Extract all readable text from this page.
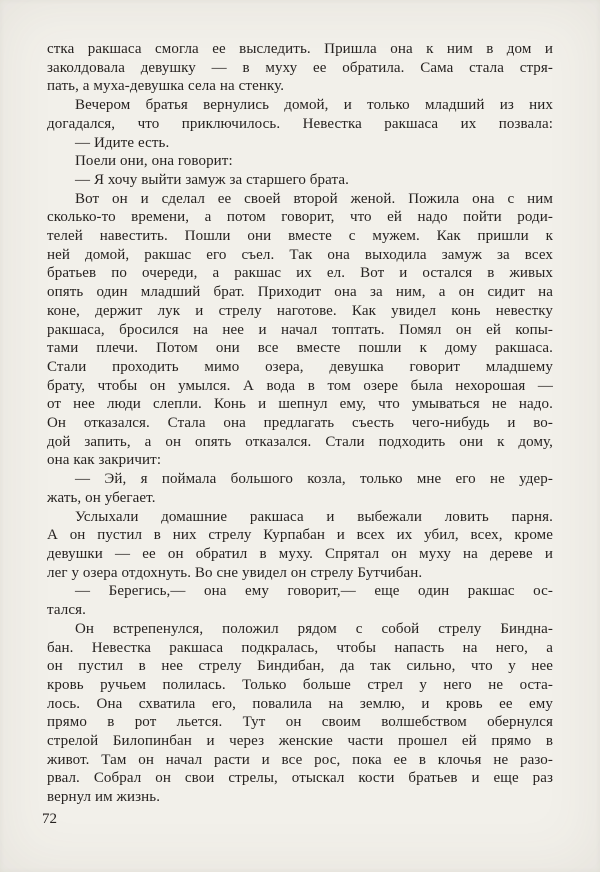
стка ракшаса смогла ее выследить. Пришла она к ним в дом и
заколдовала девушку — в муху ее обратила. Сама стала стря-
пать, а муха-девушка села на стенку.
Вечером братья вернулись домой, и только младший из них
догадался, что приключилось. Невестка ракшаса их позвала:
— Идите есть.
Поели они, она говорит:
— Я хочу выйти замуж за старшего брата.
Вот он и сделал ее своей второй женой. Пожила она с ним
сколько-то времени, а потом говорит, что ей надо пойти роди-
телей навестить. Пошли они вместе с мужем. Как пришли к
ней домой, ракшас его съел. Так она выходила замуж за всех
братьев по очереди, а ракшас их ел. Вот и остался в живых
опять один младший брат. Приходит она за ним, а он сидит на
коне, держит лук и стрелу наготове. Как увидел конь невестку
ракшаса, бросился на нее и начал топтать. Помял он ей копы-
тами плечи. Потом они все вместе пошли к дому ракшаса.
Стали проходить мимо озера, девушка говорит младшему
брату, чтобы он умылся. А вода в том озере была нехорошая —
от нее люди слепли. Конь и шепнул ему, что умываться не надо.
Он отказался. Стала она предлагать съесть чего-нибудь и во-
дой запить, а он опять отказался. Стали подходить они к дому,
она как закричит:
— Эй, я поймала большого козла, только мне его не удер-
жать, он убегает.
Услыхали домашние ракшаса и выбежали ловить парня.
А он пустил в них стрелу Курпабан и всех их убил, всех, кроме
девушки — ее он обратил в муху. Спрятал он муху на дереве и
лег у озера отдохнуть. Во сне увидел он стрелу Бутчибан.
— Берегись,— она ему говорит,— еще один ракшас ос-
тался.
Он встрепенулся, положил рядом с собой стрелу Биндна-
бан. Невестка ракшаса подкралась, чтобы напасть на него, а
он пустил в нее стрелу Биндибан, да так сильно, что у нее
кровь ручьем полилась. Только больше стрел у него не оста-
лось. Она схватила его, повалила на землю, и кровь ее ему
прямо в рот льется. Тут он своим волшебством обернулся
стрелой Билопинбан и через женские части прошел ей прямо в
живот. Там он начал расти и все рос, пока ее в клочья не разо-
рвал. Собрал он свои стрелы, отыскал кости братьев и еще раз
вернул им жизнь.
72
